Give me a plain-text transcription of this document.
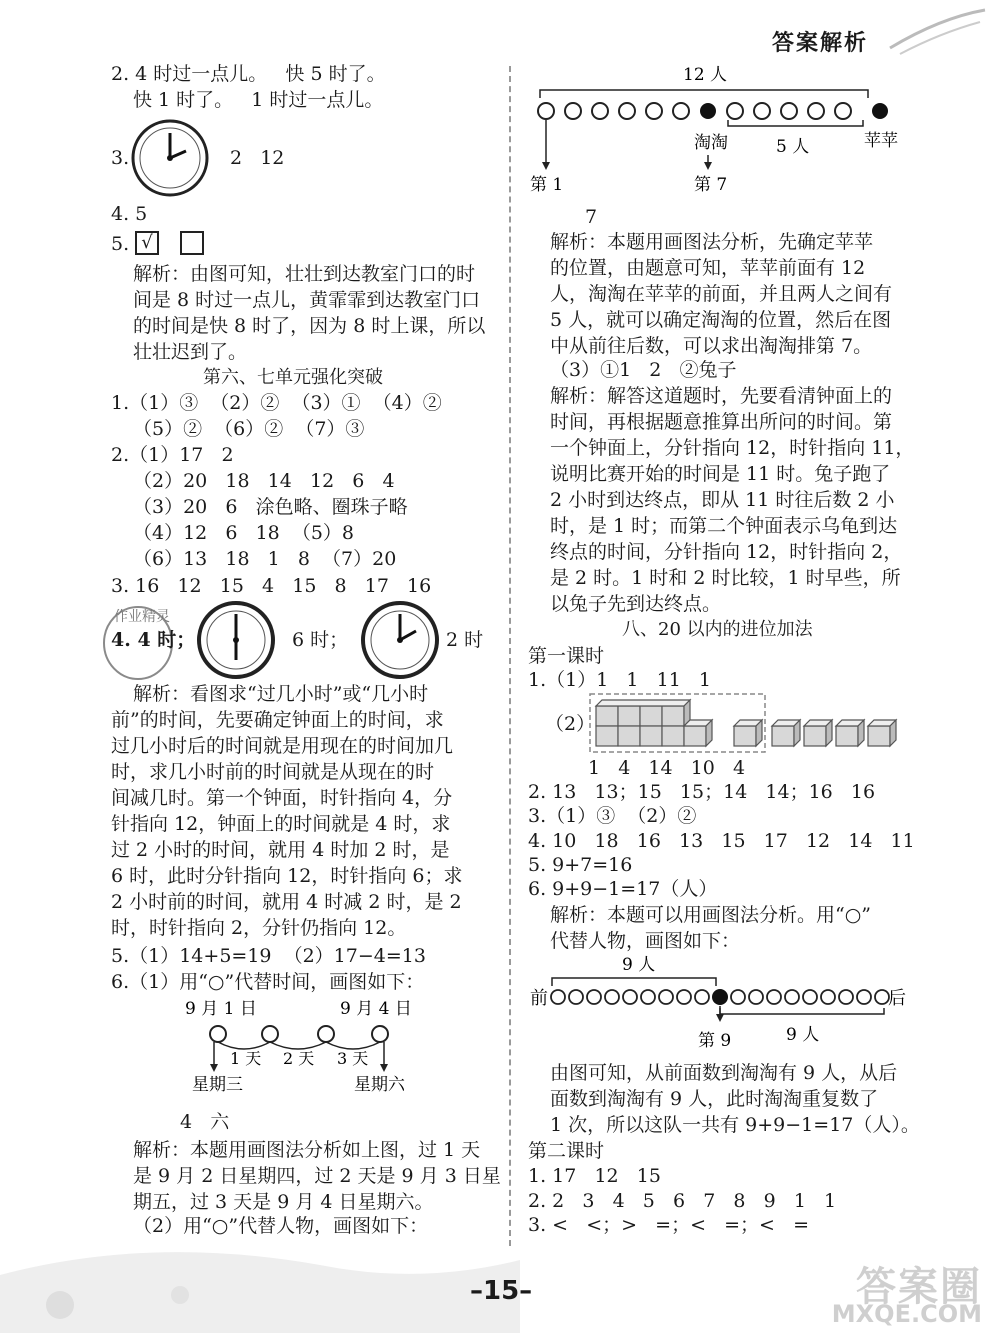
答案解析
2. 4 时过一点儿。   快 5 时了。
快 1 时了。   1 时过一点儿。
3.	2   12
4. 5
5. √
解析：由图可知，壮壮到达教室门口的时
间是 8 时过一点儿，黄霏霏到达教室门口
的时间是快 8 时了，因为 8 时上课，所以
壮壮迟到了。
第六、七单元强化突破
1.（1）③  （2）②  （3）①  （4）②
（5）②  （6）②  （7）③
2.（1）17   2
（2）20   18   14   12   6   4
（3）20   6   涂色略、圈珠子略
（4）12   6   18  （5）8
（6）13   18   1   8  （7）20
3. 16   12   15   4   15   8   17   16
作业精灵
4. 4 时；	6 时；	2 时
解析：看图求“过几小时”或“几小时
前”的时间，先要确定钟面上的时间，求
过几小时后的时间就是用现在的时间加几
时，求几小时前的时间就是从现在的时
间减几时。第一个钟面，时针指向 4，分
针指向 12，钟面上的时间就是 4 时，求
过 2 小时的时间，就用 4 时加 2 时，是
6 时，此时分针指向 12，时针指向 6；求
2 小时前的时间，就用 4 时减 2 时，是 2
时，时针指向 2，分针仍指向 12。
5.（1）14+5=19  （2）17−4=13
6.（1）用“○”代替时间，画图如下：
9 月 1 日	9 月 4 日
1 天 2 天 3 天
星期三	星期六
4   六
解析：本题用画图法分析如上图，过 1 天
是 9 月 2 日星期四，过 2 天是 9 月 3 日星
期五，过 3 天是 9 月 4 日星期六。
（2）用“○”代替人物，画图如下：
12 人
淘淘	5 人	苹苹
第 1	第 7
7
解析：本题用画图法分析，先确定苹苹
的位置，由题意可知，苹苹前面有 12
人，淘淘在苹苹的前面，并且两人之间有
5 人，就可以确定淘淘的位置，然后在图
中从前往后数，可以求出淘淘排第 7。
（3）①1   2   ②兔子
解析：解答这道题时，先要看清钟面上的
时间，再根据题意推算出所问的时间。第
一个钟面上，分针指向 12，时针指向 11，
说明比赛开始的时间是 11 时。兔子跑了
2 小时到达终点，即从 11 时往后数 2 小
时，是 1 时；而第二个钟面表示乌龟到达
终点的时间，分针指向 12，时针指向 2，
是 2 时。1 时和 2 时比较，1 时早些，所
以兔子先到达终点。
八、20 以内的进位加法
第一课时
1.（1）1   1   11   1
（2）
1   4   14   10   4
2. 13   13；15   15；14   14；16   16
3.（1）③  （2）②
4. 10   18   16   13   15   17   12   14   11
5. 9+7=16
6. 9+9−1=17（人）
解析：本题可以用画图法分析。用“○”
代替人物，画图如下：
9 人
前	后
第 9	9 人
由图可知，从前面数到淘淘有 9 人，从后
面数到淘淘有 9 人，此时淘淘重复数了
1 次，所以这队一共有 9+9−1=17（人）。
第二课时
1. 17   12   15
2. 2   3   4   5   6   7   8   9   1   1
3. <   <；>   =；<   =；<   =
–15–	答案圈
MXQE.COM
